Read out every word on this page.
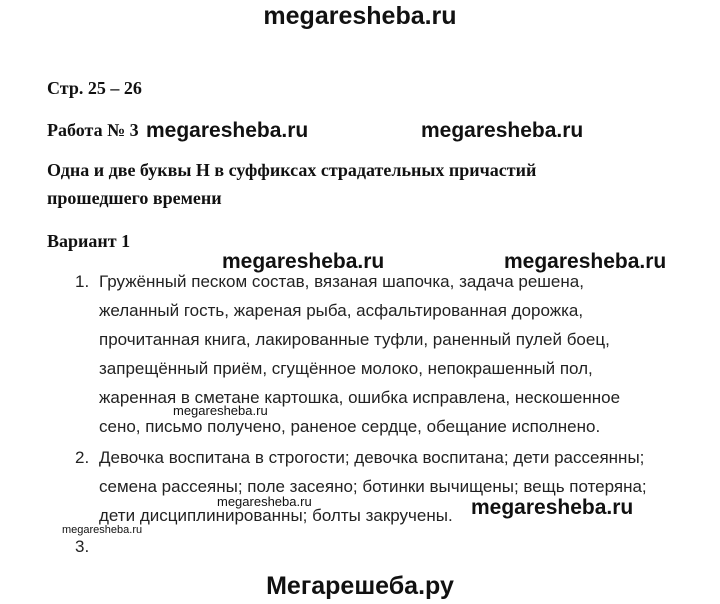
megaresheba.ru
Стр. 25 – 26
Работа № 3 megaresheba.ru	megaresheba.ru
Одна и две буквы Н в суффиксах страдательных причастий
прошедшего времени
Вариант 1
megaresheba.ru	megaresheba.ru
1. Гружённый песком состав, вязаная шапочка, задача решена,
желанный гость, жареная рыба, асфальтированная дорожка,
прочитанная книга, лакированные туфли, раненный пулей боец,
запрещённый приём, сгущённое молоко, непокрашенный пол,
жаренная в сметане картошка, ошибка исправлена, нескошенное
сено, письмо получено, раненое сердце, обещание исполнено.
megaresheba.ru
2. Девочка воспитана в строгости; девочка воспитана; дети рассеянны;
семена рассеяны; поле засеяно; ботинки вычищены; вещь потеряна;
дети дисциплинированны; болты закручены.
megaresheba.ru	megaresheba.ru
megaresheba.ru
3.
Мегарешеба.ру
